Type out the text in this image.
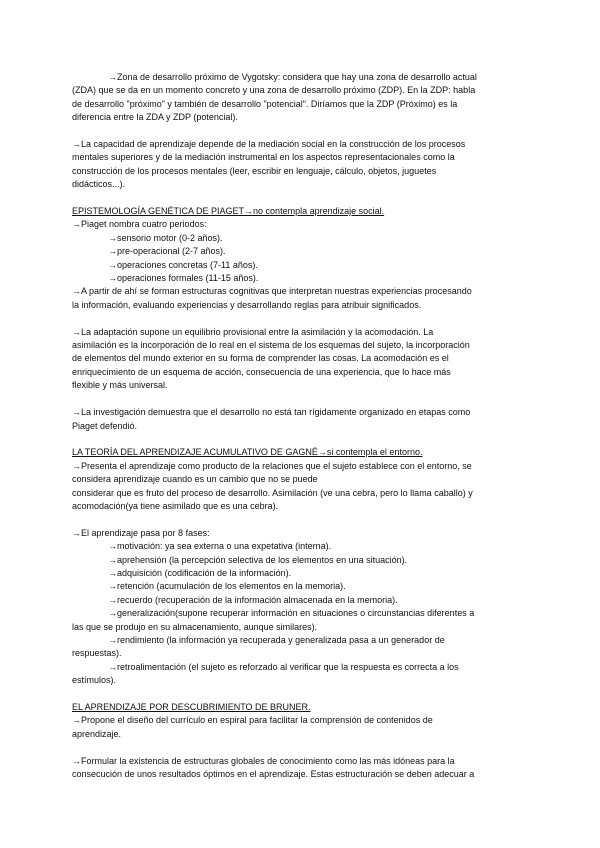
→Zona de desarrollo próximo de Vygotsky: considera que hay una zona de desarrollo actual
(ZDA) que se da en un momento concreto y una zona de desarrollo próximo (ZDP). En la ZDP: habla
de desarrollo "próximo" y también de desarrollo "potencial". Diríamos que la ZDP (Próximo) es la
diferencia entre la ZDA y ZDP (potencial).
→La capacidad de aprendizaje depende de la mediación social en la construcción de los procesos
mentales superiores y de la mediación instrumental en los aspectos representacionales como la
construcción de los procesos mentales (leer, escribir en lenguaje, cálculo, objetos, juguetes
didácticos...).
EPISTEMOLOGÍA GENÉTICA DE PIAGET→no contempla aprendizaje social.
→Piaget nombra cuatro periodos:
→sensorio motor (0-2 años).
→pre-operacional (2-7 años).
→operaciones concretas (7-11 años).
→operaciones formales (11-15 años).
→A partir de ahí se forman estructuras cognitivas que interpretan nuestras experiencias procesando
la información, evaluando experiencias y desarrollando reglas para atribuir significados.
→La adaptación supone un equilibrio provisional entre la asimilación y la acomodación. La
asimilación es la incorporación de lo real en el sistema de los esquemas del sujeto, la incorporación
de elementos del mundo exterior en su forma de comprender las cosas. La acomodación es el
enriquecimiento de un esquema de acción, consecuencia de una experiencia, que lo hace más
flexible y más universal.
→La investigación demuestra que el desarrollo no está tan rígidamente organizado en etapas como
Piaget defendió.
LA TEORÍA DEL APRENDIZAJE ACUMULATIVO DE GAGNÉ→si contempla el entorno.
→Presenta el aprendizaje como producto de la relaciones que el sujeto establece con el entorno, se
considera aprendizaje cuando es un cambio que no se puede
considerar que es fruto del proceso de desarrollo. Asimilación (ve una cebra, pero lo llama caballo) y
acomodación(ya tiene asimilado que es una cebra).
→El aprendizaje pasa por 8 fases:
→motivación: ya sea externa o una expetativa (interna).
→aprehensión (la percepción selectiva de los elementos en una situación).
→adquisición (codificación de la información).
→retención (acumulación de los elementos en la memoria).
→recuerdo (recuperación de la información almacenada en la memoria).
→generalización(supone recuperar información en situaciones o circunstancias diferentes a
las que se produjo en su almacenamiento, aunque similares).
→rendimiento (la información ya recuperada y generalizada pasa a un generador de
respuestas).
→retroalimentación (el sujeto es reforzado al verificar que la respuesta es correcta a los
estímulos).
EL APRENDIZAJE POR DESCUBRIMIENTO DE BRUNER.
→Propone el diseño del currículo en espiral para facilitar la comprensión de contenidos de
aprendizaje.
→Formular la existencia de estructuras globales de conocimiento como las más idóneas para la
consecución de unos resultados óptimos en el aprendizaje. Estas estructuración se deben adecuar a
